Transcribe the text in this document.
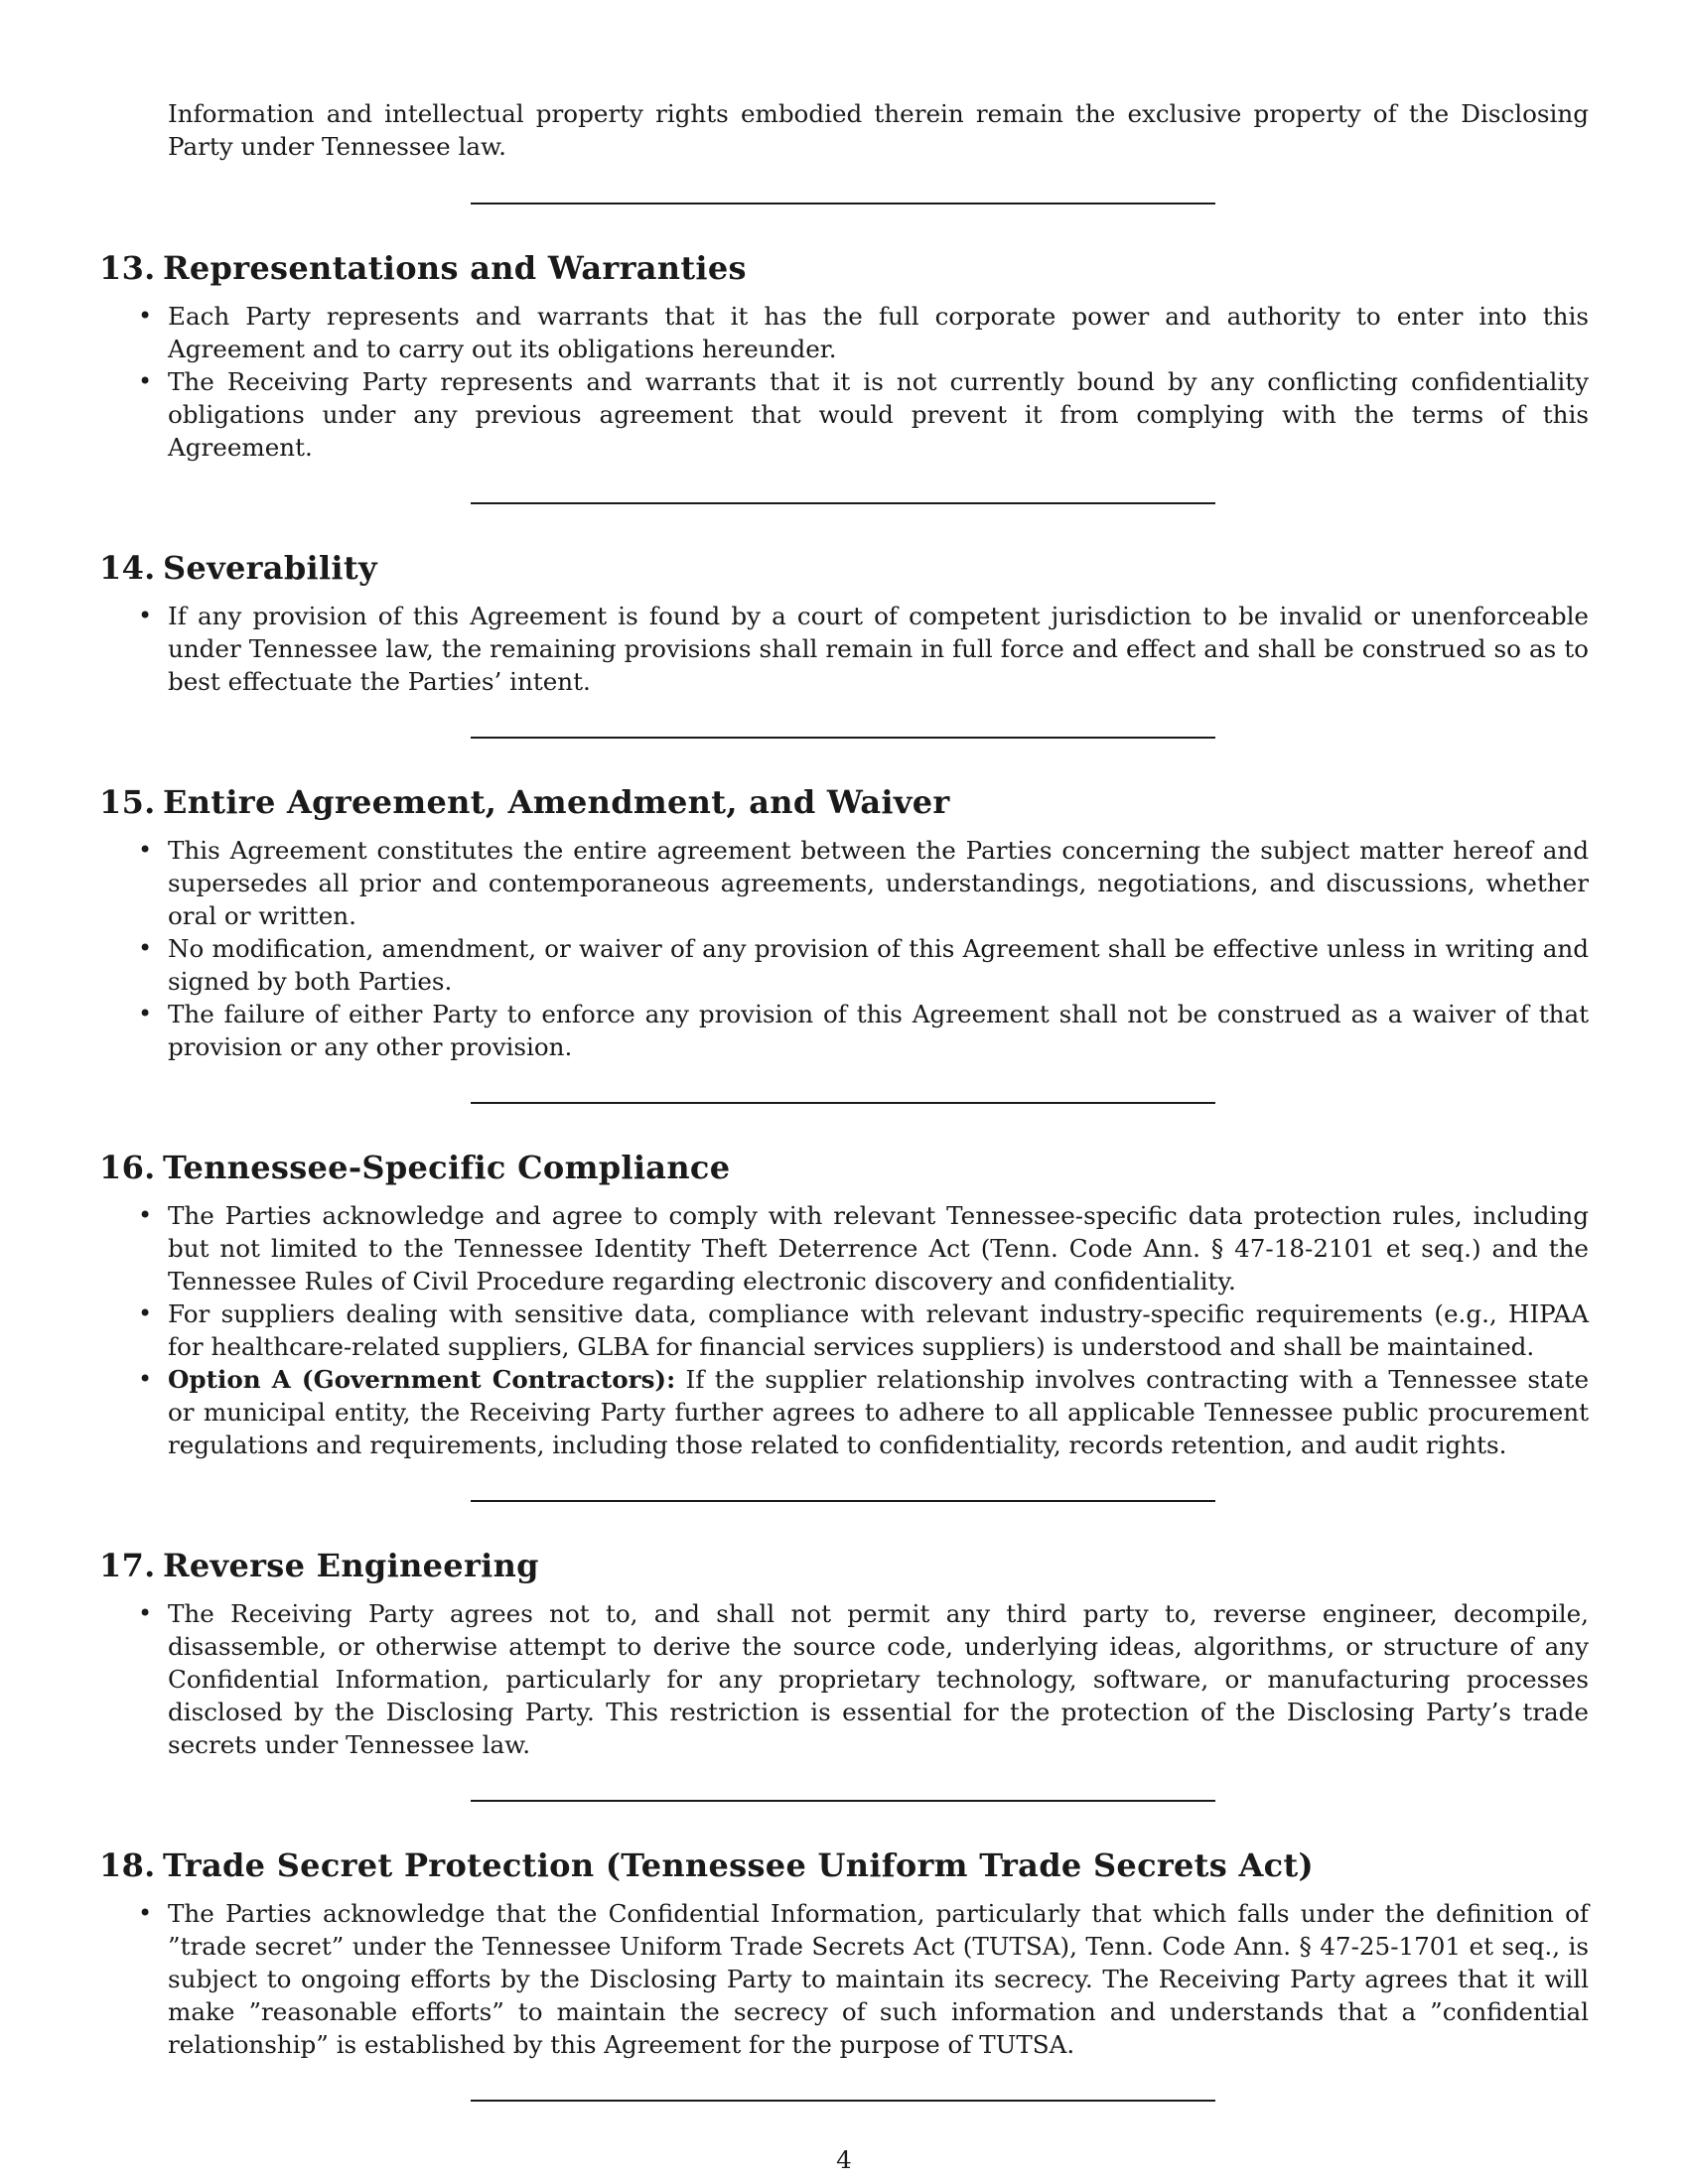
Information and intellectual property rights embodied therein remain the exclusive property of the Disclosing Party under Tennessee law.

13. Representations and Warranties
• Each Party represents and warrants that it has the full corporate power and authority to enter into this Agreement and to carry out its obligations hereunder.
• The Receiving Party represents and warrants that it is not currently bound by any conflicting confidentiality obligations under any previous agreement that would prevent it from complying with the terms of this Agreement.
14. Severability
• If any provision of this Agreement is found by a court of competent jurisdiction to be invalid or unenforceable under Tennessee law, the remaining provisions shall remain in full force and effect and shall be construed so as to best effectuate the Parties’ intent.
15. Entire Agreement, Amendment, and Waiver
• This Agreement constitutes the entire agreement between the Parties concerning the subject matter hereof and supersedes all prior and contemporaneous agreements, understandings, negotiations, and discussions, whether oral or written.
• No modification, amendment, or waiver of any provision of this Agreement shall be effective unless in writing and signed by both Parties.
• The failure of either Party to enforce any provision of this Agreement shall not be construed as a waiver of that provision or any other provision.
16. Tennessee-Specific Compliance
• The Parties acknowledge and agree to comply with relevant Tennessee-specific data protection rules, including but not limited to the Tennessee Identity Theft Deterrence Act (Tenn. Code Ann. § 47-18-2101 et seq.) and the Tennessee Rules of Civil Procedure regarding electronic discovery and confidentiality.
• For suppliers dealing with sensitive data, compliance with relevant industry-specific requirements (e.g., HIPAA for healthcare-related suppliers, GLBA for financial services suppliers) is understood and shall be maintained.
• Option A (Government Contractors): If the supplier relationship involves contracting with a Tennessee state or municipal entity, the Receiving Party further agrees to adhere to all applicable Tennessee public procurement regulations and requirements, including those related to confidentiality, records retention, and audit rights.
17. Reverse Engineering
• The Receiving Party agrees not to, and shall not permit any third party to, reverse engineer, decompile, disassemble, or otherwise attempt to derive the source code, underlying ideas, algorithms, or structure of any Confidential Information, particularly for any proprietary technology, software, or manufacturing processes disclosed by the Disclosing Party. This restriction is essential for the protection of the Disclosing Party’s trade secrets under Tennessee law.
18. Trade Secret Protection (Tennessee Uniform Trade Secrets Act)
• The Parties acknowledge that the Confidential Information, particularly that which falls under the definition of ”trade secret” under the Tennessee Uniform Trade Secrets Act (TUTSA), Tenn. Code Ann. § 47-25-1701 et seq., is subject to ongoing efforts by the Disclosing Party to maintain its secrecy. The Receiving Party agrees that it will make ”reasonable efforts” to maintain the secrecy of such information and understands that a ”confidential relationship” is established by this Agreement for the purpose of TUTSA.
4
